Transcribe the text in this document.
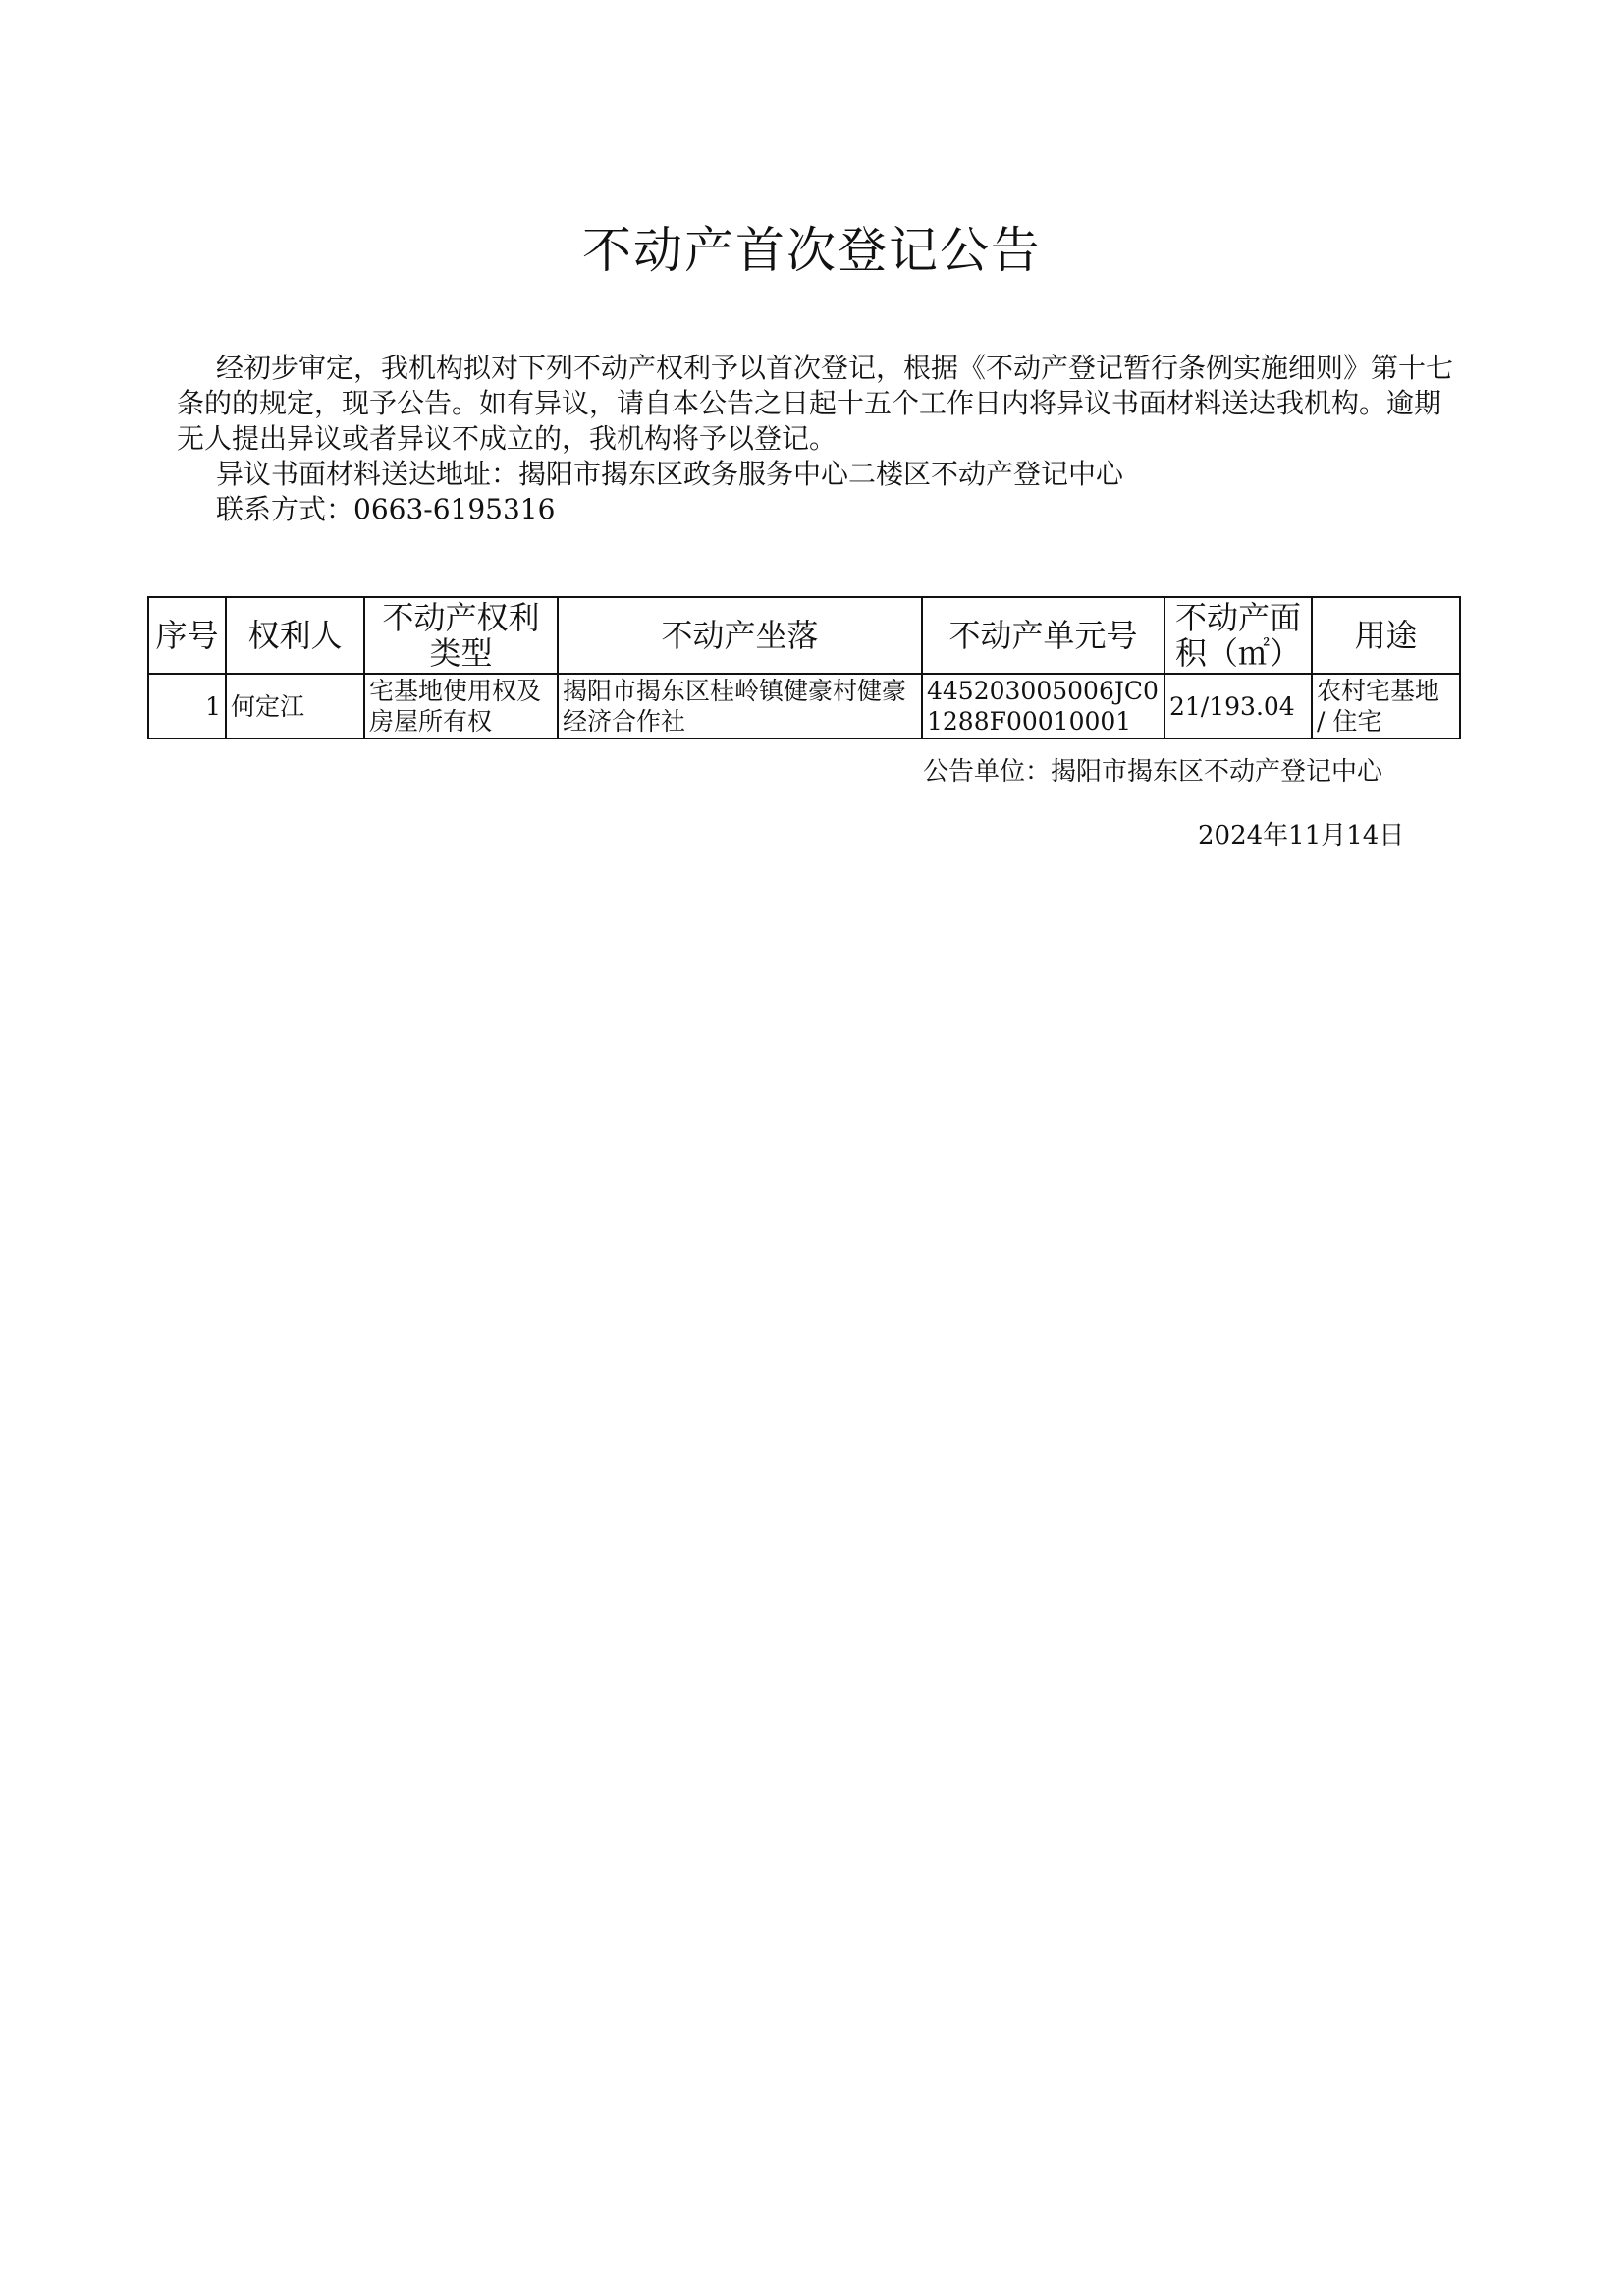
不动产首次登记公告

经初步审定，我机构拟对下列不动产权利予以首次登记，根据《不动产登记暂行条例实施细则》第十七条的的规定，现予公告。如有异议，请自本公告之日起十五个工作日内将异议书面材料送达我机构。逾期无人提出异议或者异议不成立的，我机构将予以登记。

异议书面材料送达地址：揭阳市揭东区政务服务中心二楼区不动产登记中心

联系方式：0663-6195316

序号	权利人	不动产权利类型	不动产坐落	不动产单元号	不动产面积（㎡）	用途
1	何定江	宅基地使用权及房屋所有权	揭阳市揭东区桂岭镇健豪村健豪经济合作社	445203005006JC01288F00010001	21/193.04	农村宅基地 / 住宅
公告单位：揭阳市揭东区不动产登记中心
2024年11月14日
